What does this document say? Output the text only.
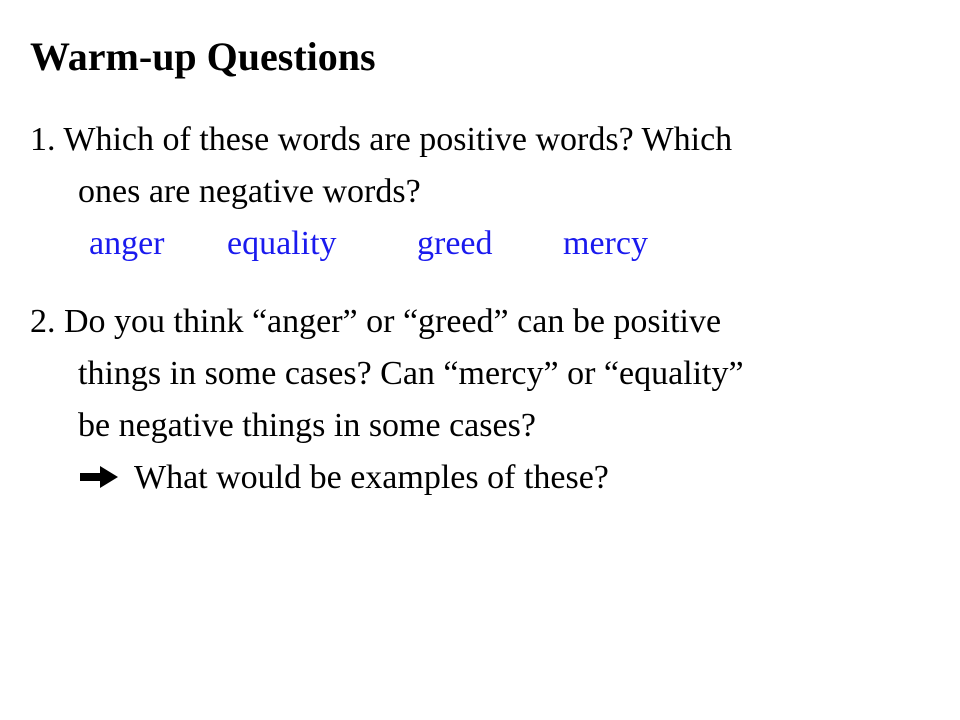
Warm-up Questions

1. Which of these words are positive words? Which

ones are negative words?

anger equality greed mercy

2. Do you think “anger” or “greed” can be positive

things in some cases? Can “mercy” or “equality”

be negative things in some cases?

What would be examples of these?
